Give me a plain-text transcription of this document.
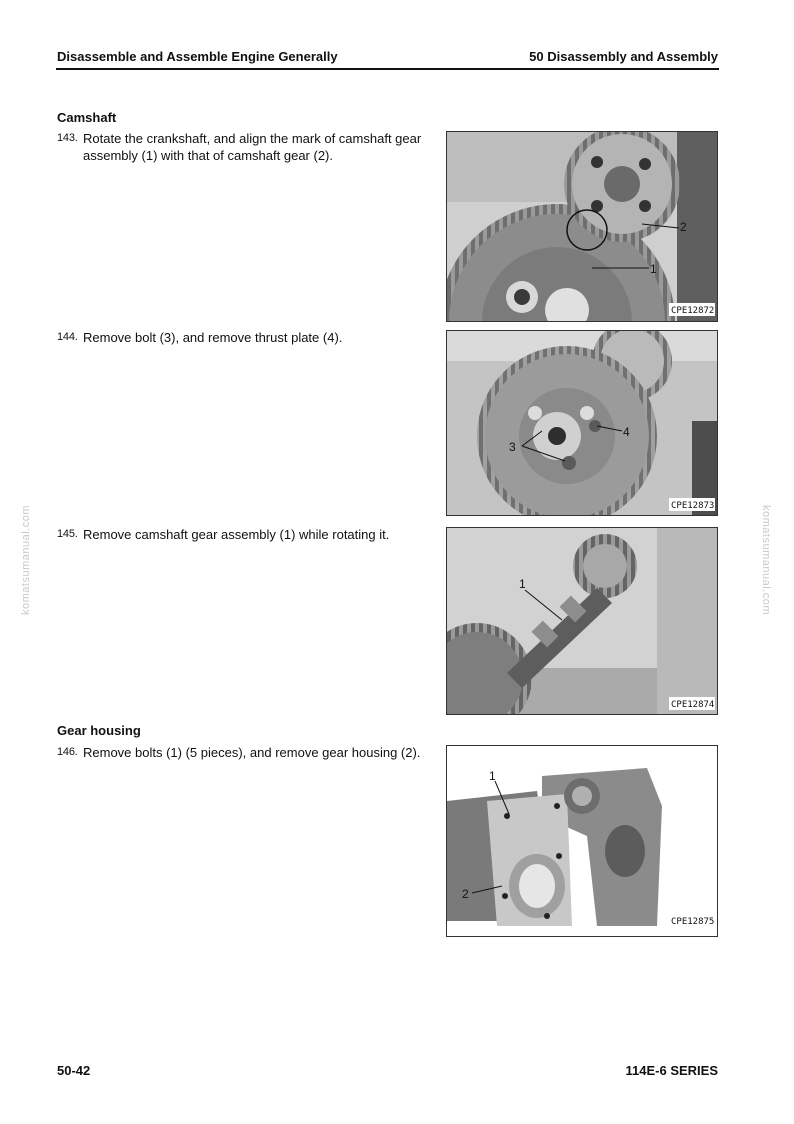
Disassemble and Assemble Engine Generally	50 Disassembly and Assembly
komatsumanual.com	komatsumanual.com
Camshaft
143. Rotate the crankshaft, and align the mark of camshaft gear assembly (1) with that of camshaft gear (2).
2
1
CPE12872
144. Remove bolt (3), and remove thrust plate (4).
3
4
CPE12873
145. Remove camshaft gear assembly (1) while rotating it.
1
CPE12874
Gear housing
146. Remove bolts (1) (5 pieces), and remove gear housing (2).
1
2
CPE12875
50-42	114E-6 SERIES
